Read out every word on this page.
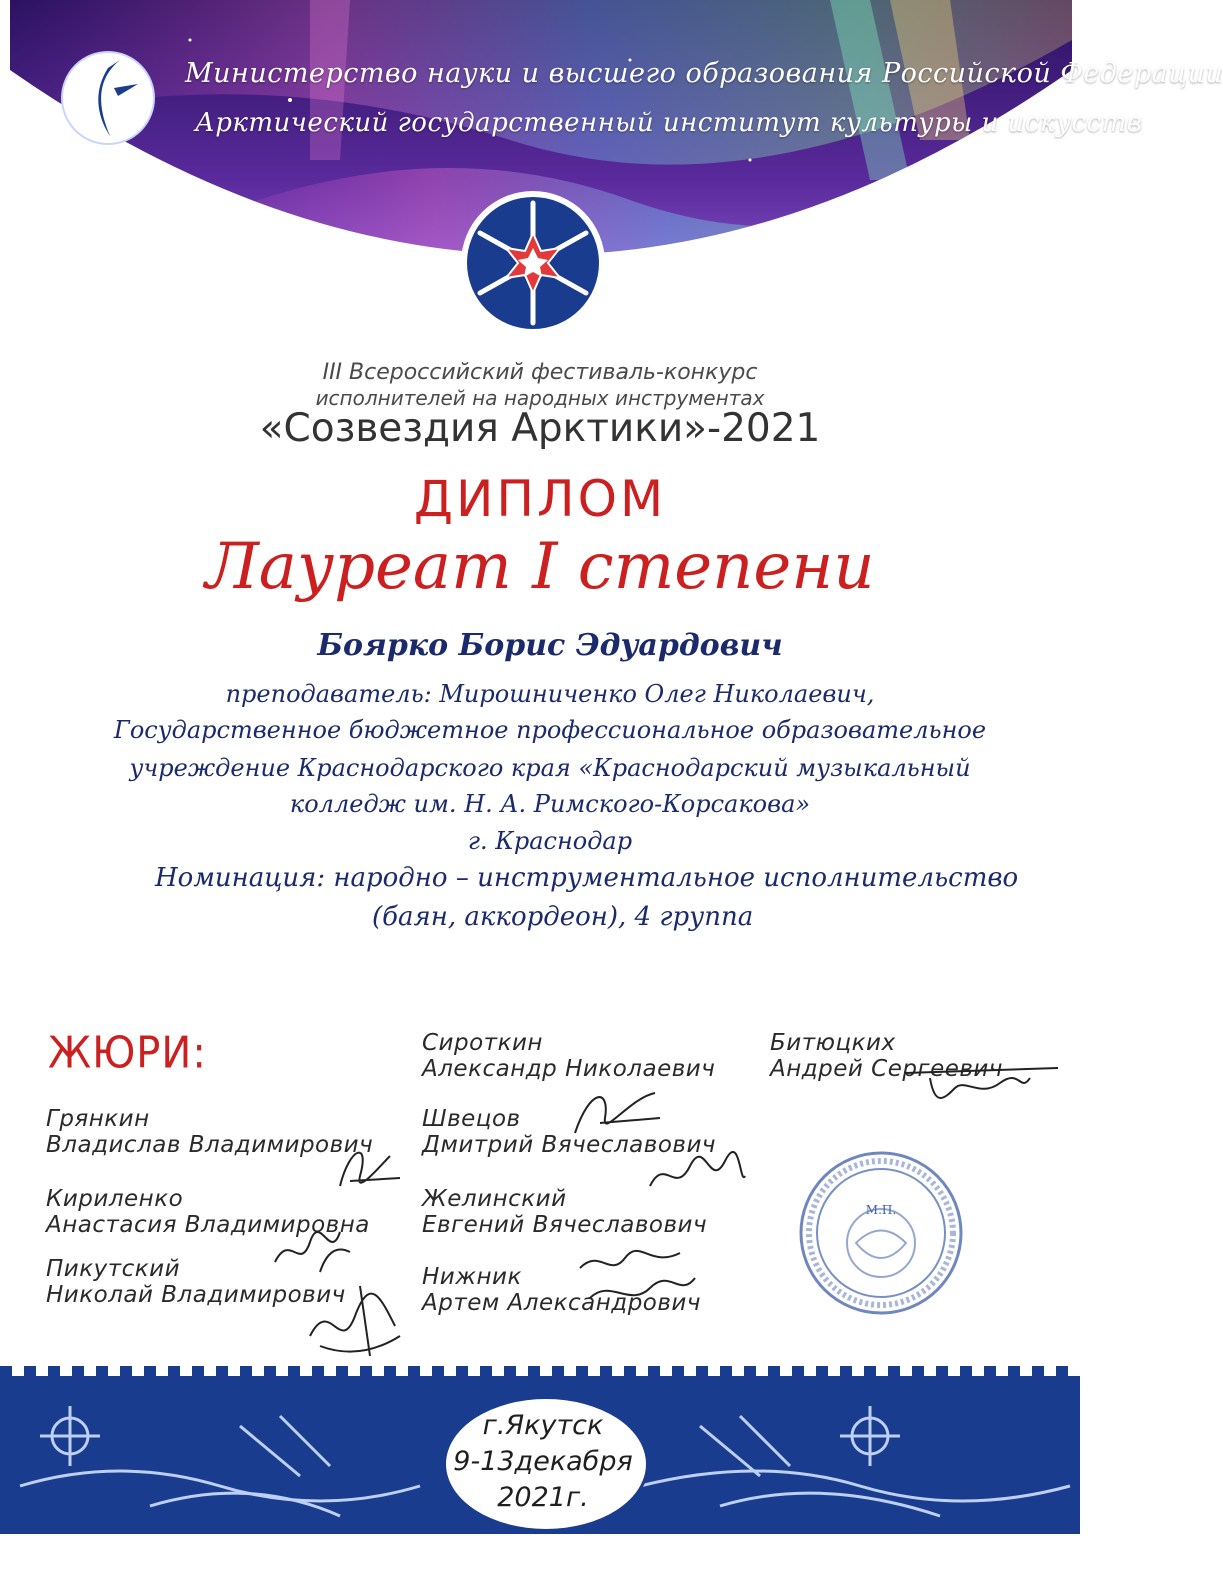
Министерство науки и высшего образования Российской Федерации
Арктический государственный институт культуры и искусств
III Всероссийский фестиваль-конкурс
исполнителей на народных инструментах
«Созвездия Арктики»-2021
ДИПЛОМ
Лауреат I степени
Боярко Борис Эдуардович
преподаватель: Мирошниченко Олег Николаевич,
Государственное бюджетное профессиональное образовательное
учреждение Краснодарского края «Краснодарский музыкальный
колледж им. Н. А. Римского-Корсакова»
г. Краснодар
Номинация: народно – инструментальное исполнительство
(баян, аккордеон), 4 группа
ЖЮРИ:
Грянкин
Владислав Владимирович
Кириленко
Анастасия Владимировна
Пикутский
Николай Владимирович
Сироткин
Александр Николаевич
Швецов
Дмитрий Вячеславович
Желинский
Евгений Вячеславович
Нижник
Артем Александрович
Битюцких
Андрей Сергеевич
М.П.
г.Якутск
9-13декабря
2021г.
